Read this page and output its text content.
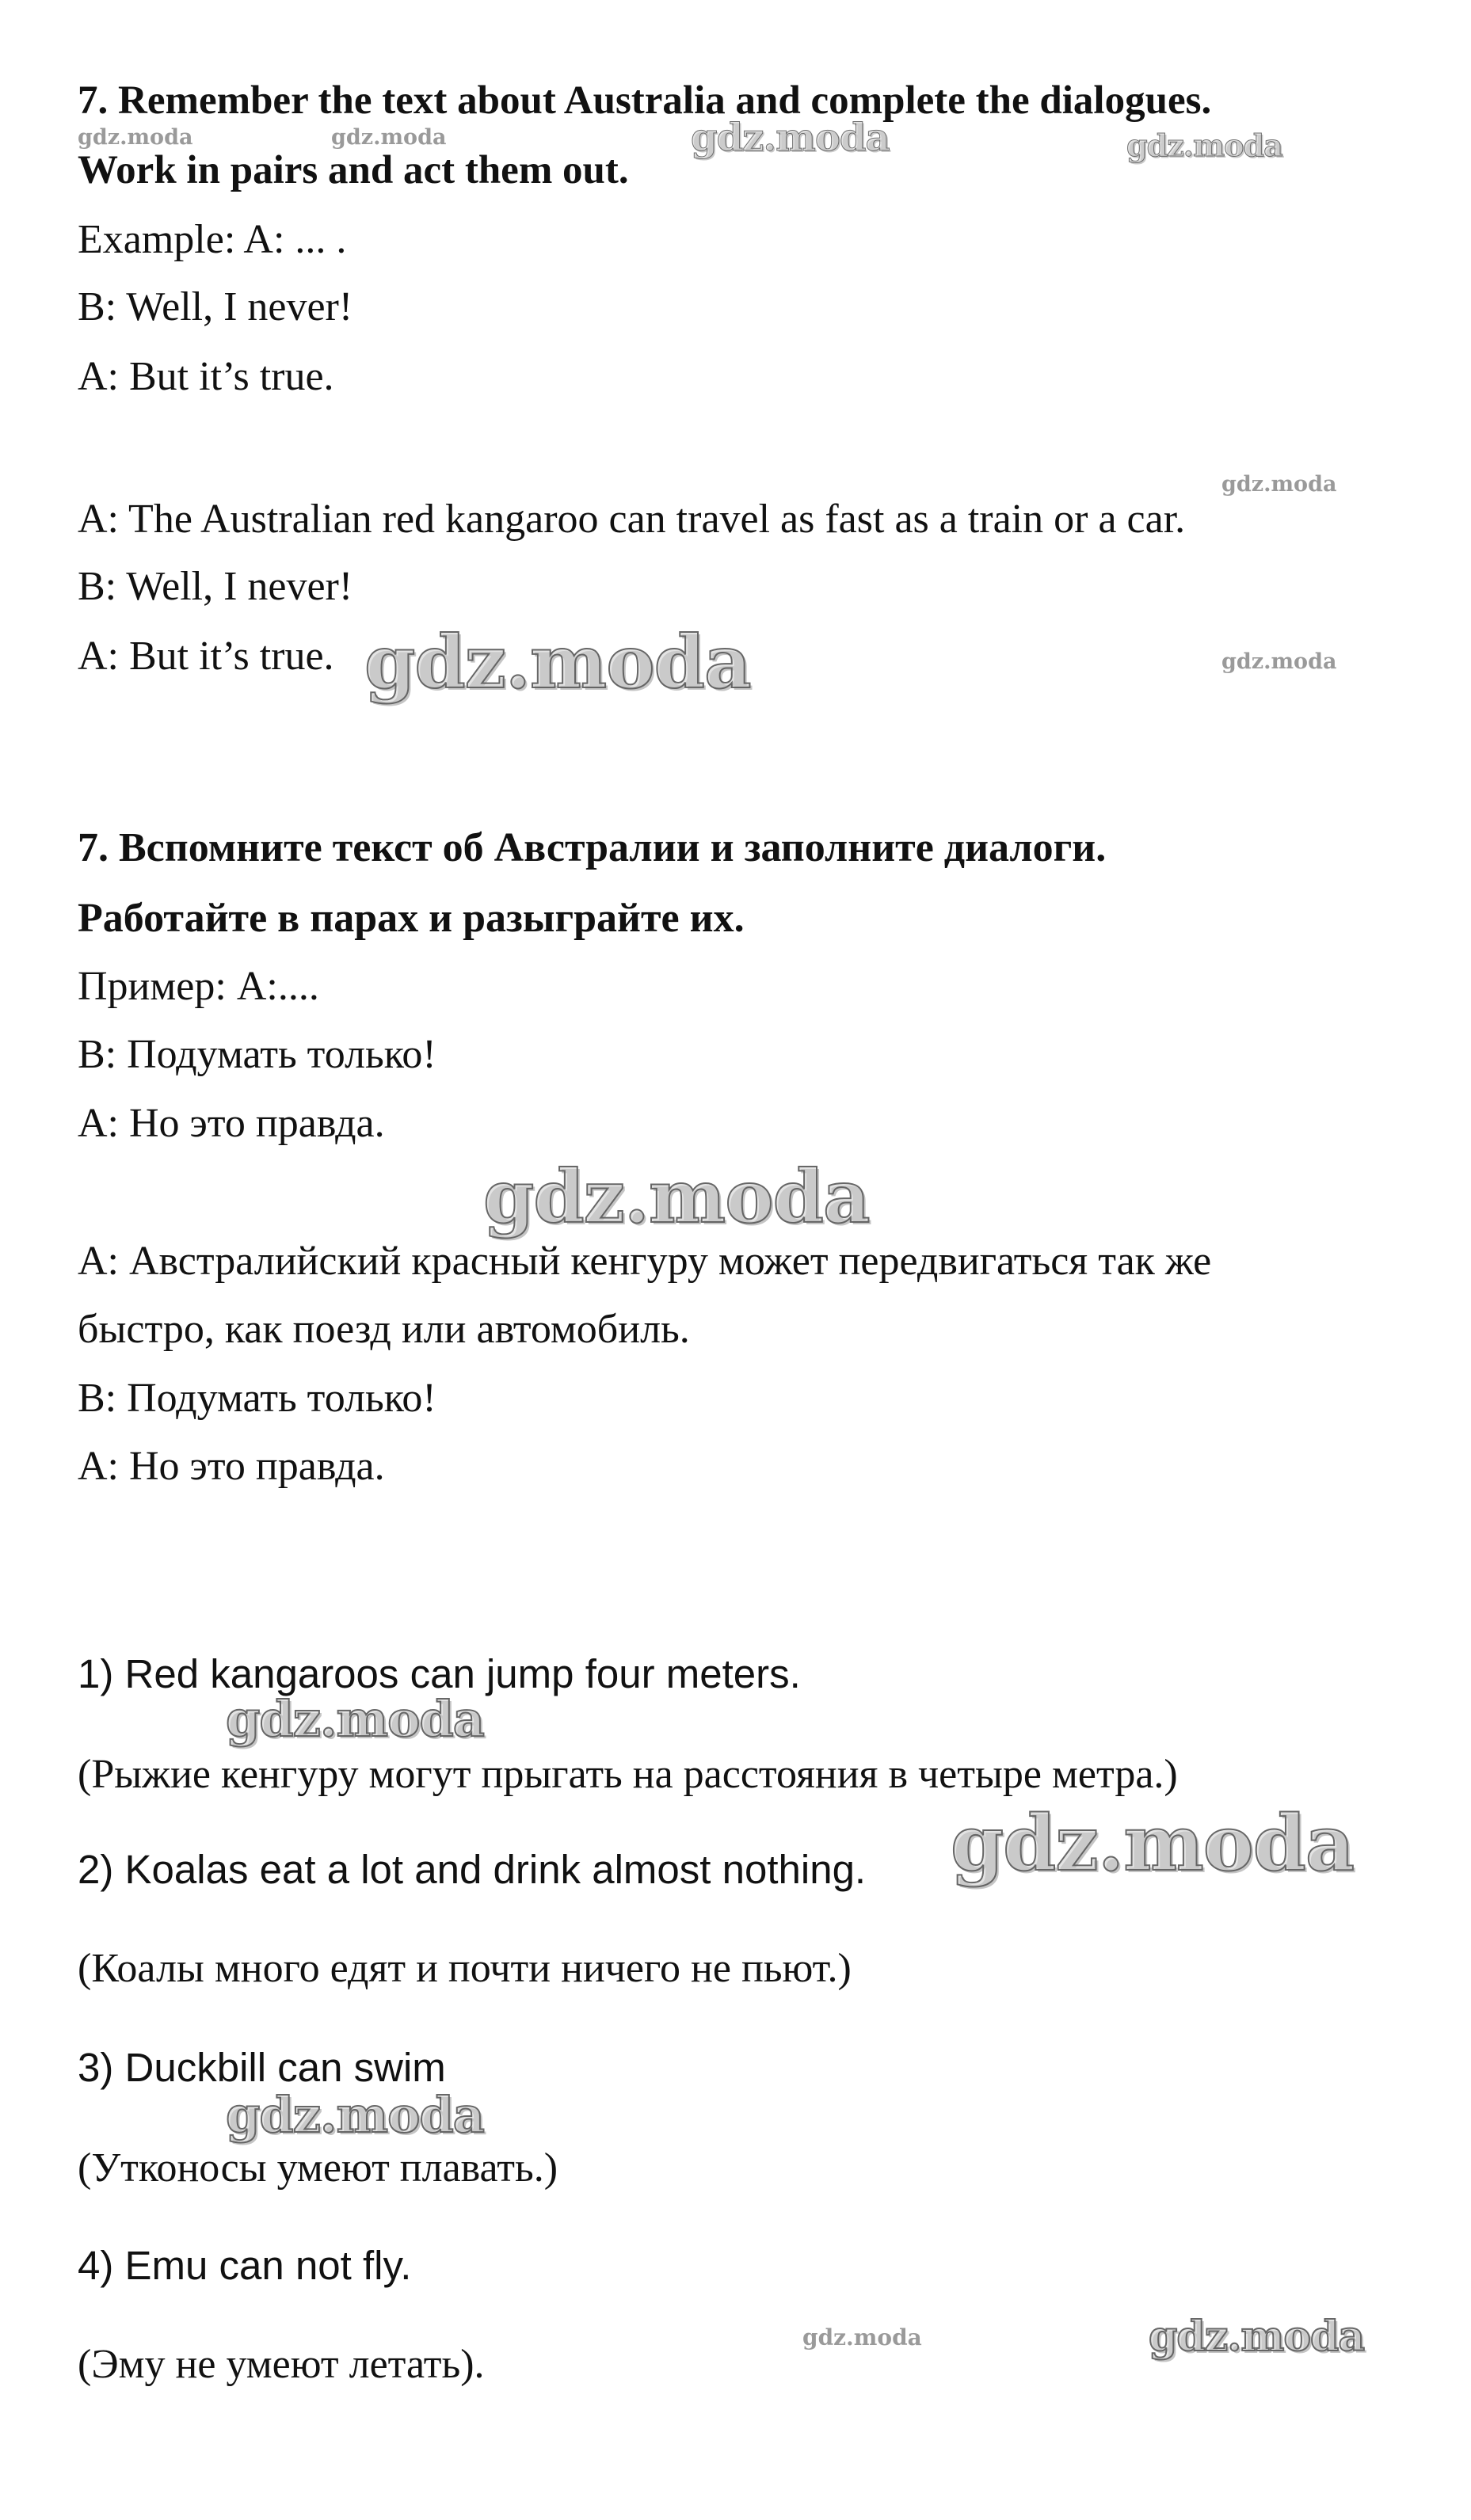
7. Remember the text about Australia and complete the dialogues.

Work in pairs and act them out.

Example: A: ... .

B: Well, I never!

A: But it’s true.

A: The Australian red kangaroo can travel as fast as a train or a car.

B: Well, I never!

A: But it’s true.

7. Вспомните текст об Австралии и заполните диалоги.

Работайте в парах и разыграйте их.

Пример: А:....

В: Подумать только!

А: Но это правда.

А: Австралийский красный кенгуру может передвигаться так же

быстро, как поезд или автомобиль.

В: Подумать только!

А: Но это правда.

1) Red kangaroos can jump four meters.

(Рыжие кенгуру могут прыгать на расстояния в четыре метра.)

2) Koalas eat a lot and drink almost nothing.

(Коалы много едят и почти ничего не пьют.)

3) Duckbill can swim

(Утконосы умеют плавать.)

4) Emu can not fly.

(Эму не умеют летать).

gdz.moda	gdz.moda	gdz.moda	gdz.moda
gdz.moda
gdz.moda	gdz.moda
gdz.moda
gdz.moda
gdz.moda
gdz.moda
gdz.moda	gdz.moda
